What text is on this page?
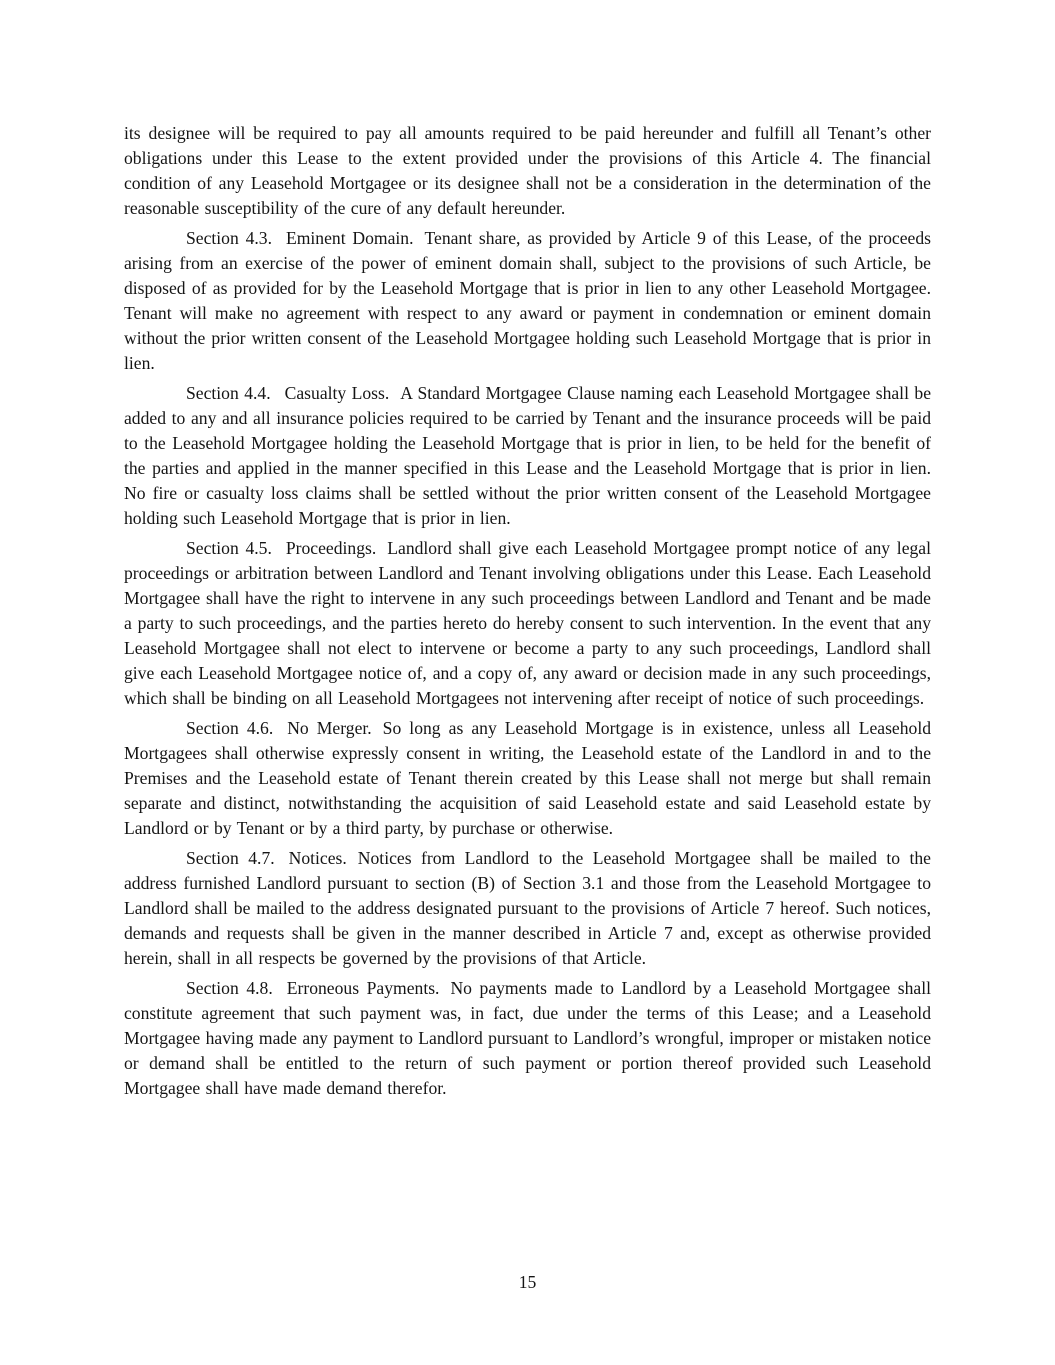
its designee will be required to pay all amounts required to be paid hereunder and fulfill all Tenant’s other obligations under this Lease to the extent provided under the provisions of this Article 4. The financial condition of any Leasehold Mortgagee or its designee shall not be a consideration in the determination of the reasonable susceptibility of the cure of any default hereunder.

Section 4.3. Eminent Domain. Tenant share, as provided by Article 9 of this Lease, of the proceeds arising from an exercise of the power of eminent domain shall, subject to the provisions of such Article, be disposed of as provided for by the Leasehold Mortgage that is prior in lien to any other Leasehold Mortgagee. Tenant will make no agreement with respect to any award or payment in condemnation or eminent domain without the prior written consent of the Leasehold Mortgagee holding such Leasehold Mortgage that is prior in lien.

Section 4.4. Casualty Loss. A Standard Mortgagee Clause naming each Leasehold Mortgagee shall be added to any and all insurance policies required to be carried by Tenant and the insurance proceeds will be paid to the Leasehold Mortgagee holding the Leasehold Mortgage that is prior in lien, to be held for the benefit of the parties and applied in the manner specified in this Lease and the Leasehold Mortgage that is prior in lien. No fire or casualty loss claims shall be settled without the prior written consent of the Leasehold Mortgagee holding such Leasehold Mortgage that is prior in lien.

Section 4.5. Proceedings. Landlord shall give each Leasehold Mortgagee prompt notice of any legal proceedings or arbitration between Landlord and Tenant involving obligations under this Lease. Each Leasehold Mortgagee shall have the right to intervene in any such proceedings between Landlord and Tenant and be made a party to such proceedings, and the parties hereto do hereby consent to such intervention. In the event that any Leasehold Mortgagee shall not elect to intervene or become a party to any such proceedings, Landlord shall give each Leasehold Mortgagee notice of, and a copy of, any award or decision made in any such proceedings, which shall be binding on all Leasehold Mortgagees not intervening after receipt of notice of such proceedings.

Section 4.6. No Merger. So long as any Leasehold Mortgage is in existence, unless all Leasehold Mortgagees shall otherwise expressly consent in writing, the Leasehold estate of the Landlord in and to the Premises and the Leasehold estate of Tenant therein created by this Lease shall not merge but shall remain separate and distinct, notwithstanding the acquisition of said Leasehold estate and said Leasehold estate by Landlord or by Tenant or by a third party, by purchase or otherwise.

Section 4.7. Notices. Notices from Landlord to the Leasehold Mortgagee shall be mailed to the address furnished Landlord pursuant to section (B) of Section 3.1 and those from the Leasehold Mortgagee to Landlord shall be mailed to the address designated pursuant to the provisions of Article 7 hereof. Such notices, demands and requests shall be given in the manner described in Article 7 and, except as otherwise provided herein, shall in all respects be governed by the provisions of that Article.

Section 4.8. Erroneous Payments. No payments made to Landlord by a Leasehold Mortgagee shall constitute agreement that such payment was, in fact, due under the terms of this Lease; and a Leasehold Mortgagee having made any payment to Landlord pursuant to Landlord’s wrongful, improper or mistaken notice or demand shall be entitled to the return of such payment or portion thereof provided such Leasehold Mortgagee shall have made demand therefor.

15
